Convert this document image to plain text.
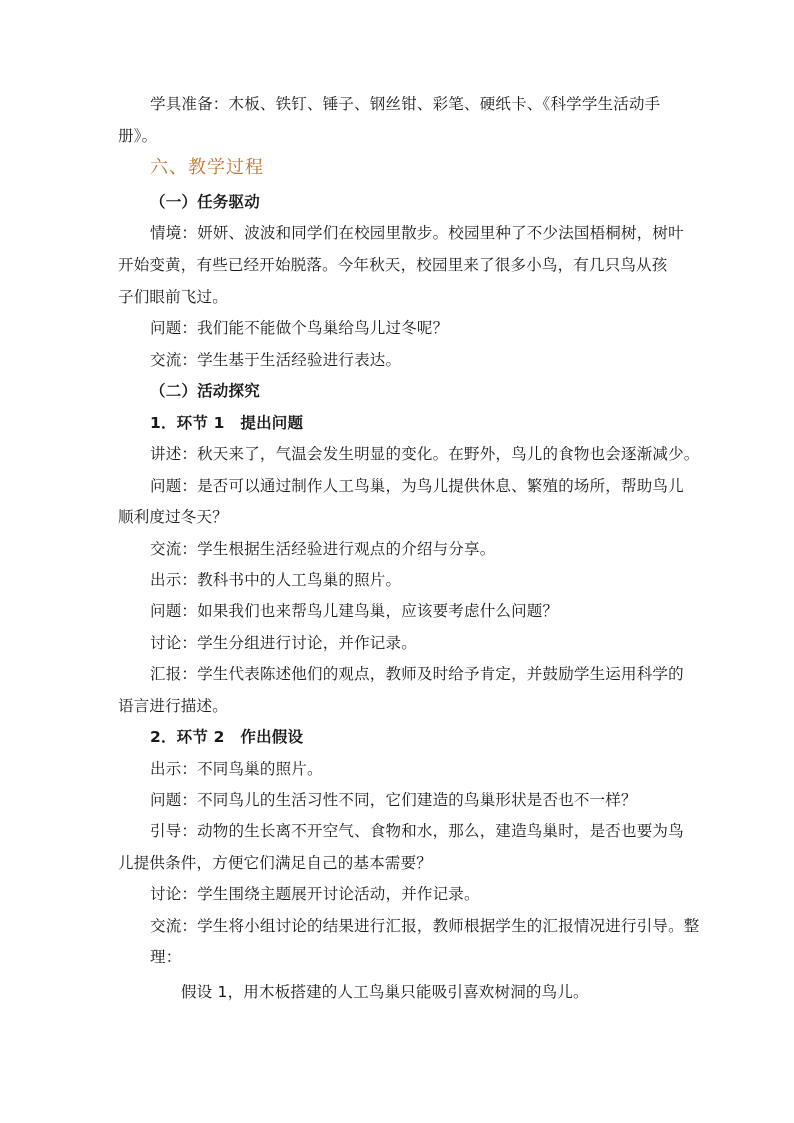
学具准备：木板、铁钉、锤子、钢丝钳、彩笔、硬纸卡、《科学学生活动手
册》。
六、教学过程
（一）任务驱动
情境：妍妍、波波和同学们在校园里散步。校园里种了不少法国梧桐树，树叶
开始变黄，有些已经开始脱落。今年秋天，校园里来了很多小鸟，有几只鸟从孩
子们眼前飞过。
问题：我们能不能做个鸟巢给鸟儿过冬呢？
交流：学生基于生活经验进行表达。
（二）活动探究
1．环节 1　提出问题
讲述：秋天来了，气温会发生明显的变化。在野外，鸟儿的食物也会逐渐减少。
问题：是否可以通过制作人工鸟巢，为鸟儿提供休息、繁殖的场所，帮助鸟儿
顺利度过冬天？
交流：学生根据生活经验进行观点的介绍与分享。
出示：教科书中的人工鸟巢的照片。
问题：如果我们也来帮鸟儿建鸟巢，应该要考虑什么问题？
讨论：学生分组进行讨论，并作记录。
汇报：学生代表陈述他们的观点，教师及时给予肯定，并鼓励学生运用科学的
语言进行描述。
2．环节 2　作出假设
出示：不同鸟巢的照片。
问题：不同鸟儿的生活习性不同，它们建造的鸟巢形状是否也不一样？
引导：动物的生长离不开空气、食物和水，那么，建造鸟巢时，是否也要为鸟
儿提供条件，方便它们满足自己的基本需要？
讨论：学生围绕主题展开讨论活动，并作记录。
交流：学生将小组讨论的结果进行汇报，教师根据学生的汇报情况进行引导。整
理：
假设 1，用木板搭建的人工鸟巢只能吸引喜欢树洞的鸟儿。
